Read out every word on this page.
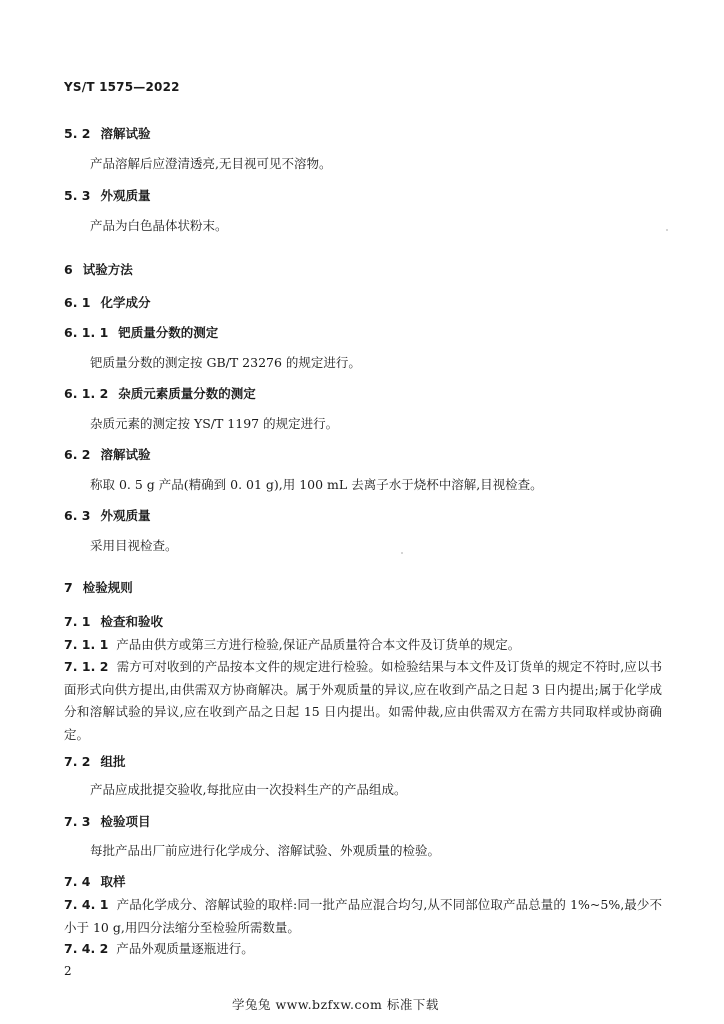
YS/T 1575—2022
5. 2 溶解试验
产品溶解后应澄清透亮,无目视可见不溶物。
5. 3 外观质量
产品为白色晶体状粉末。
6 试验方法
6. 1 化学成分
6. 1. 1 钯质量分数的测定
钯质量分数的测定按 GB/T 23276 的规定进行。
6. 1. 2 杂质元素质量分数的测定
杂质元素的测定按 YS/T 1197 的规定进行。
6. 2 溶解试验
称取 0. 5 g 产品(精确到 0. 01 g),用 100 mL 去离子水于烧杯中溶解,目视检查。
6. 3 外观质量
采用目视检查。
7 检验规则
7. 1 检查和验收
7. 1. 1 产品由供方或第三方进行检验,保证产品质量符合本文件及订货单的规定。
7. 1. 2 需方可对收到的产品按本文件的规定进行检验。如检验结果与本文件及订货单的规定不符时,应以书面形式向供方提出,由供需双方协商解决。属于外观质量的异议,应在收到产品之日起 3 日内提出;属于化学成分和溶解试验的异议,应在收到产品之日起 15 日内提出。如需仲裁,应由供需双方在需方共同取样或协商确定。
7. 2 组批
产品应成批提交验收,每批应由一次投料生产的产品组成。
7. 3 检验项目
每批产品出厂前应进行化学成分、溶解试验、外观质量的检验。
7. 4 取样
7. 4. 1 产品化学成分、溶解试验的取样:同一批产品应混合均匀,从不同部位取产品总量的 1%~5%,最少不小于 10 g,用四分法缩分至检验所需数量。
7. 4. 2 产品外观质量逐瓶进行。
2
学兔兔 www.bzfxw.com 标准下载
